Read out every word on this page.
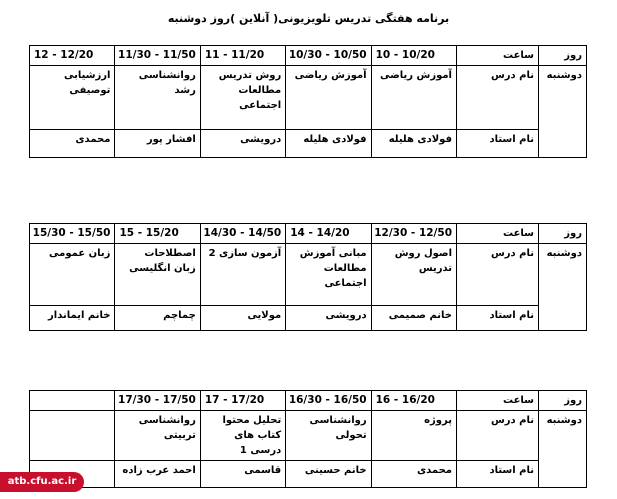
برنامه هفتگی تدریس تلویزیونی( آنلاین )روز دوشنبه
روز	ساعت	10/20 - 10	10/50 - 10/30	11/20 - 11	11/50 - 11/30	12/20 - 12
دوشنبه	نام درس	آموزش ریاضی	آموزش ریاضی	روش تدریس مطالعات اجتماعی	روانشناسی رشد	ارزشیابی توصیفی
	نام استاد	فولادی هلیله	فولادی هلیله	درویشی	افشار پور	محمدی
روز	ساعت	12/50 - 12/30	14/20 - 14	14/50 - 14/30	15/20 - 15	15/50 - 15/30
دوشنبه	نام درس	اصول روش تدریس	مبانی آموزش مطالعات اجتماعی	آزمون سازی 2	اصطلاحات زبان انگلیسی	زبان عمومی
	نام استاد	خانم صمیمی	درویشی	مولایی	چماچم	خانم ایماندار
روز	ساعت	16/20 - 16	16/50 - 16/30	17/20 - 17	17/50 - 17/30	
دوشنبه	نام درس	پروژه	روانشناسی تحولی	تحلیل محتوا کتاب های درسی 1	روانشناسی تربیتی	
	نام استاد	محمدی	خانم حسینی	قاسمی	احمد عرب زاده	
atb.cfu.ac.ir
